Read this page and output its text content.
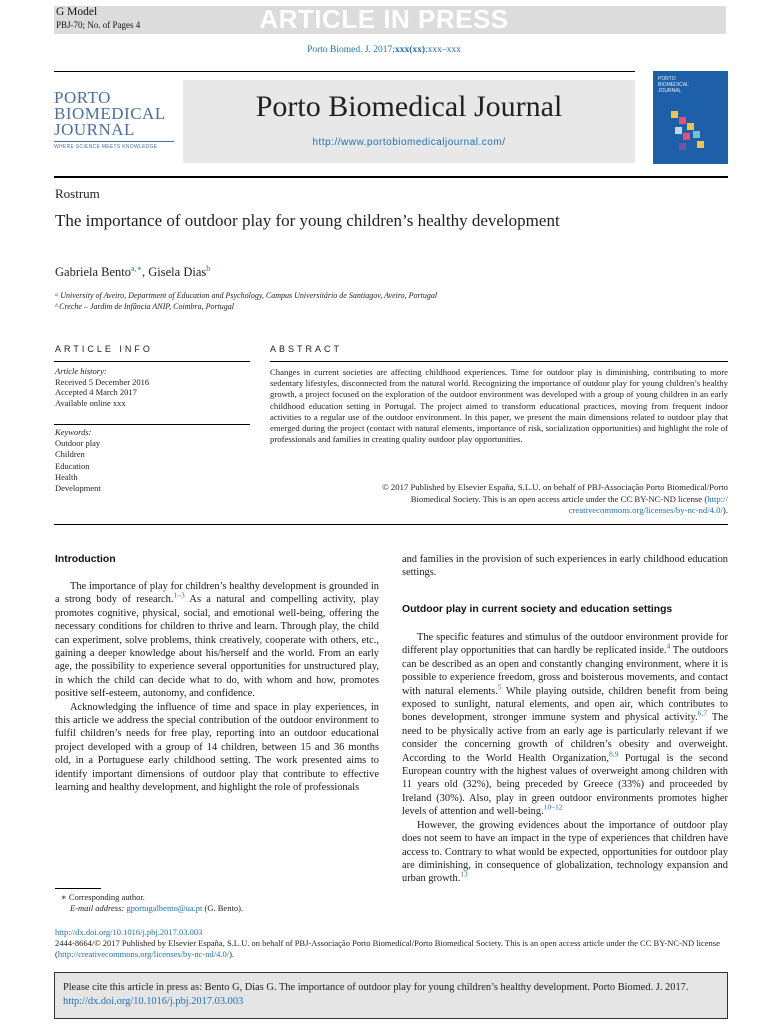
G Model
PBJ-70; No. of Pages 4	ARTICLE IN PRESS
Porto Biomed. J. 2017;xxx(xx):xxx–xxx
PORTO
BIOMEDICAL
JOURNAL
WHERE SCIENCE MEETS KNOWLEDGE
Porto Biomedical Journal
http://www.portobiomedicaljournal.com/
PORTO
BIOMEDICAL
JOURNAL
Rostrum
The importance of outdoor play for young children’s healthy development
Gabriela Bento$^{a,∗}$, Gisela Dias$^b$
ᵃ University of Aveiro, Department of Education and Psychology, Campus Universitário de Santiagov, Aveiro, Portugal
ᵇ Creche – Jardim de Infância ANIP, Coimbra, Portugal
ARTICLE INFO	ABSTRACT
Article history:
Received 5 December 2016
Accepted 4 March 2017
Available online xxx
Keywords:
Outdoor play
Children
Education
Health
Development
Changes in current societies are affecting childhood experiences. Time for outdoor play is diminishing, contributing to more sedentary lifestyles, disconnected from the natural world. Recognizing the importance of outdoor play for young children’s healthy growth, a project focused on the exploration of the outdoor environment was developed with a group of young children in an early childhood education setting in Portugal. The project aimed to transform educational practices, moving from frequent indoor activities to a regular use of the outdoor environment. In this paper, we present the main dimensions related to outdoor play that emerged during the project (contact with natural elements, importance of risk, socialization opportunities) and highlight the role of professionals and families in creating quality outdoor play opportunities.
© 2017 Published by Elsevier España, S.L.U. on behalf of PBJ-Associação Porto Biomedical/Porto
Biomedical Society. This is an open access article under the CC BY-NC-ND license (http://
creativecommons.org/licenses/by-nc-nd/4.0/).
Introduction

The importance of play for children’s healthy development is grounded in a strong body of research.$^{1-3}$ As a natural and compelling activity, play promotes cognitive, physical, social, and emotional well-being, offering the necessary conditions for children to thrive and learn. Through play, the child can experiment, solve problems, think creatively, cooperate with others, etc., gaining a deeper knowledge about his/herself and the world. From an early age, the possibility to experience several opportunities for unstructured play, in which the child can decide what to do, with whom and how, promotes positive self-esteem, autonomy, and confidence.

Acknowledging the influence of time and space in play experiences, in this article we address the special contribution of the outdoor environment to fulfil children’s needs for free play, reporting into an outdoor educational project developed with a group of 14 children, between 15 and 36 months old, in a Portuguese early childhood setting. The work presented aims to identify important dimensions of outdoor play that contribute to effective learning and healthy development, and highlight the role of professionals

and families in the provision of such experiences in early childhood education settings.
Outdoor play in current society and education settings

The specific features and stimulus of the outdoor environment provide for different play opportunities that can hardly be replicated inside.$^4$ The outdoors can be described as an open and constantly changing environment, where it is possible to experience freedom, gross and boisterous movements, and contact with natural elements.$^5$ While playing outside, children benefit from being exposed to sunlight, natural elements, and open air, which contributes to bones development, stronger immune system and physical activity.$^{6,7}$ The need to be physically active from an early age is particularly relevant if we consider the concerning growth of children’s obesity and overweight. According to the World Health Organization,$^{8,9}$ Portugal is the second European country with the highest values of overweight among children with 11 years old (32%), being preceded by Greece (33%) and proceeded by Ireland (30%). Also, play in green outdoor environments promotes higher levels of attention and well-being.$^{10-12}$

However, the growing evidences about the importance of outdoor play does not seem to have an impact in the type of experiences that children have access to. Contrary to what would be expected, opportunities for outdoor play are diminishing, in consequence of globalization, technology expansion and urban growth.$^{13}$

∗ Corresponding author.
E-mail address: gportugalbento@ua.pt (G. Bento).
http://dx.doi.org/10.1016/j.pbj.2017.03.003
2444-8664/© 2017 Published by Elsevier España, S.L.U. on behalf of PBJ-Associação Porto Biomedical/Porto Biomedical Society. This is an open access article under the CC BY-NC-ND license (http://creativecommons.org/licenses/by-nc-nd/4.0/).
Please cite this article in press as: Bento G, Dias G. The importance of outdoor play for young children’s healthy development. Porto Biomed. J. 2017. http://dx.doi.org/10.1016/j.pbj.2017.03.003
